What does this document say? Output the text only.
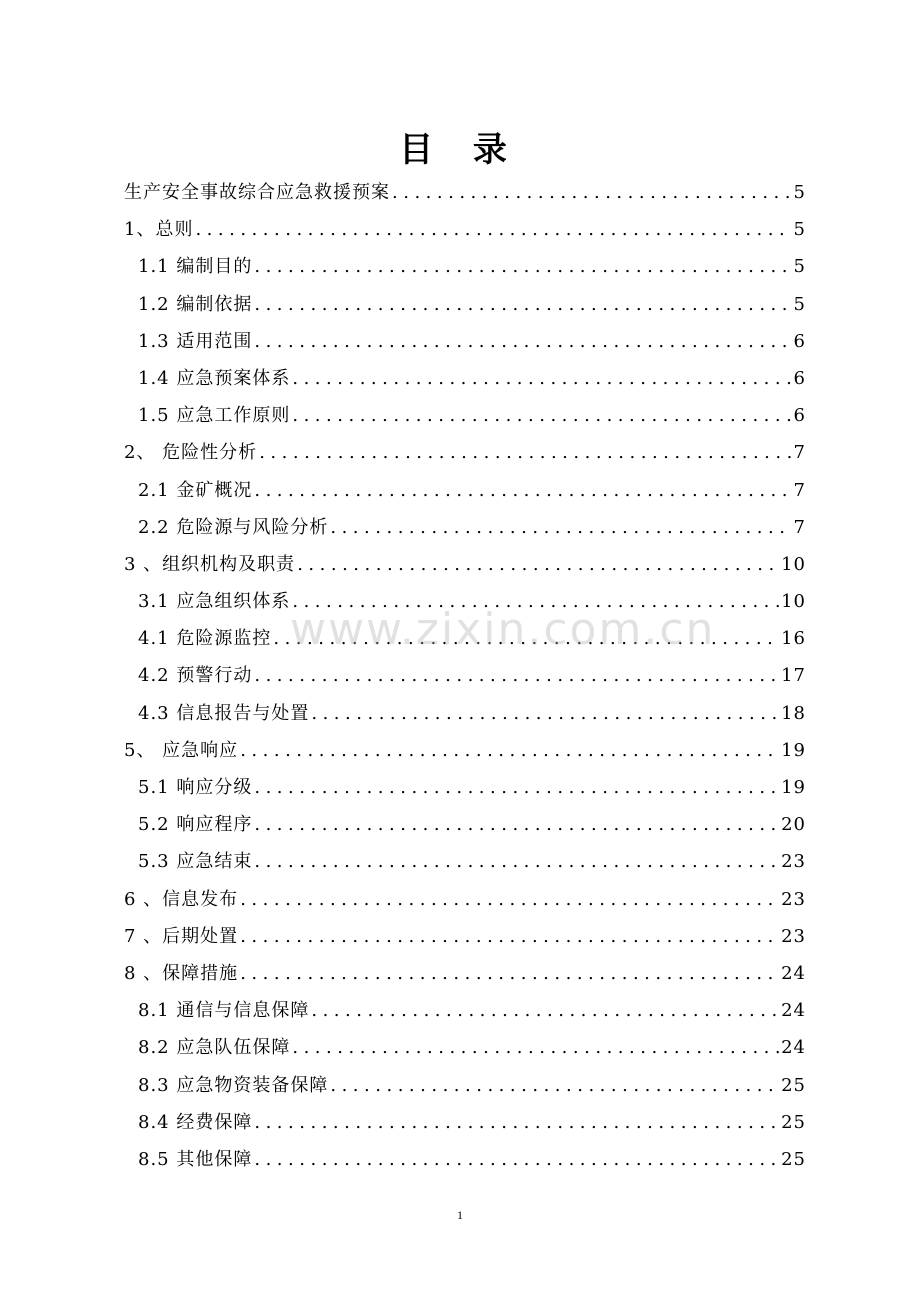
目 录
生产安全事故综合应急救援预案 .....	5
1、总则 .....	5
1.1 编制目的 .....	5
1.2 编制依据 .....	5
1.3 适用范围 .....	6
1.4 应急预案体系 .....	6
1.5 应急工作原则 .....	6
2、 危险性分析 .....	7
2.1 金矿概况 .....	7
2.2 危险源与风险分析 .....	7
3 、组织机构及职责 .....	10
3.1 应急组织体系 .....	10
4.1 危险源监控 .....	16
4.2 预警行动 .....	17
4.3 信息报告与处置 .....	18
5、 应急响应 .....	19
5.1 响应分级 .....	19
5.2 响应程序 .....	20
5.3 应急结束 .....	23
6 、信息发布 .....	23
7 、后期处置 .....	23
8 、保障措施 .....	24
8.1 通信与信息保障 .....	24
8.2 应急队伍保障 .....	24
8.3 应急物资装备保障 .....	25
8.4 经费保障 .....	25
8.5 其他保障 .....	25
www.zixin.com.cn
1
